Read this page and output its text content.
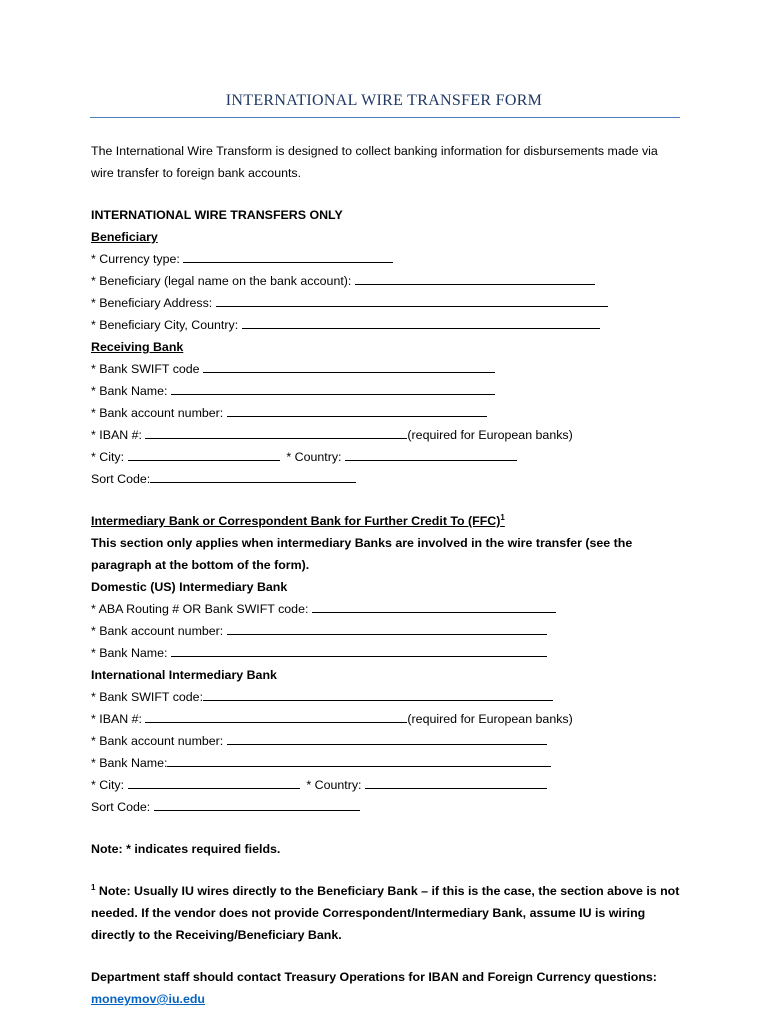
INTERNATIONAL WIRE TRANSFER FORM

The International Wire Transform is designed to collect banking information for disbursements made via wire transfer to foreign bank accounts.

INTERNATIONAL WIRE TRANSFERS ONLY

Beneficiary

* Currency type:

* Beneficiary (legal name on the bank account):

* Beneficiary Address:

* Beneficiary City, Country:

Receiving Bank

* Bank SWIFT code

* Bank Name:

* Bank account number:

* IBAN #:	(required for European banks)

* City:	* Country:

Sort Code:

Intermediary Bank or Correspondent Bank for Further Credit To (FFC)$^1$

This section only applies when intermediary Banks are involved in the wire transfer (see the paragraph at the bottom of the form).

Domestic (US) Intermediary Bank

* ABA Routing # OR Bank SWIFT code:

* Bank account number:

* Bank Name:

International Intermediary Bank

* Bank SWIFT code:

* IBAN #:	(required for European banks)

* Bank account number:

* Bank Name:

* City:	* Country:

Sort Code:

Note: * indicates required fields.

$^1$ Note: Usually IU wires directly to the Beneficiary Bank – if this is the case, the section above is not needed. If the vendor does not provide Correspondent/Intermediary Bank, assume IU is wiring directly to the Receiving/Beneficiary Bank.

Department staff should contact Treasury Operations for IBAN and Foreign Currency questions:

moneymov@iu.edu
